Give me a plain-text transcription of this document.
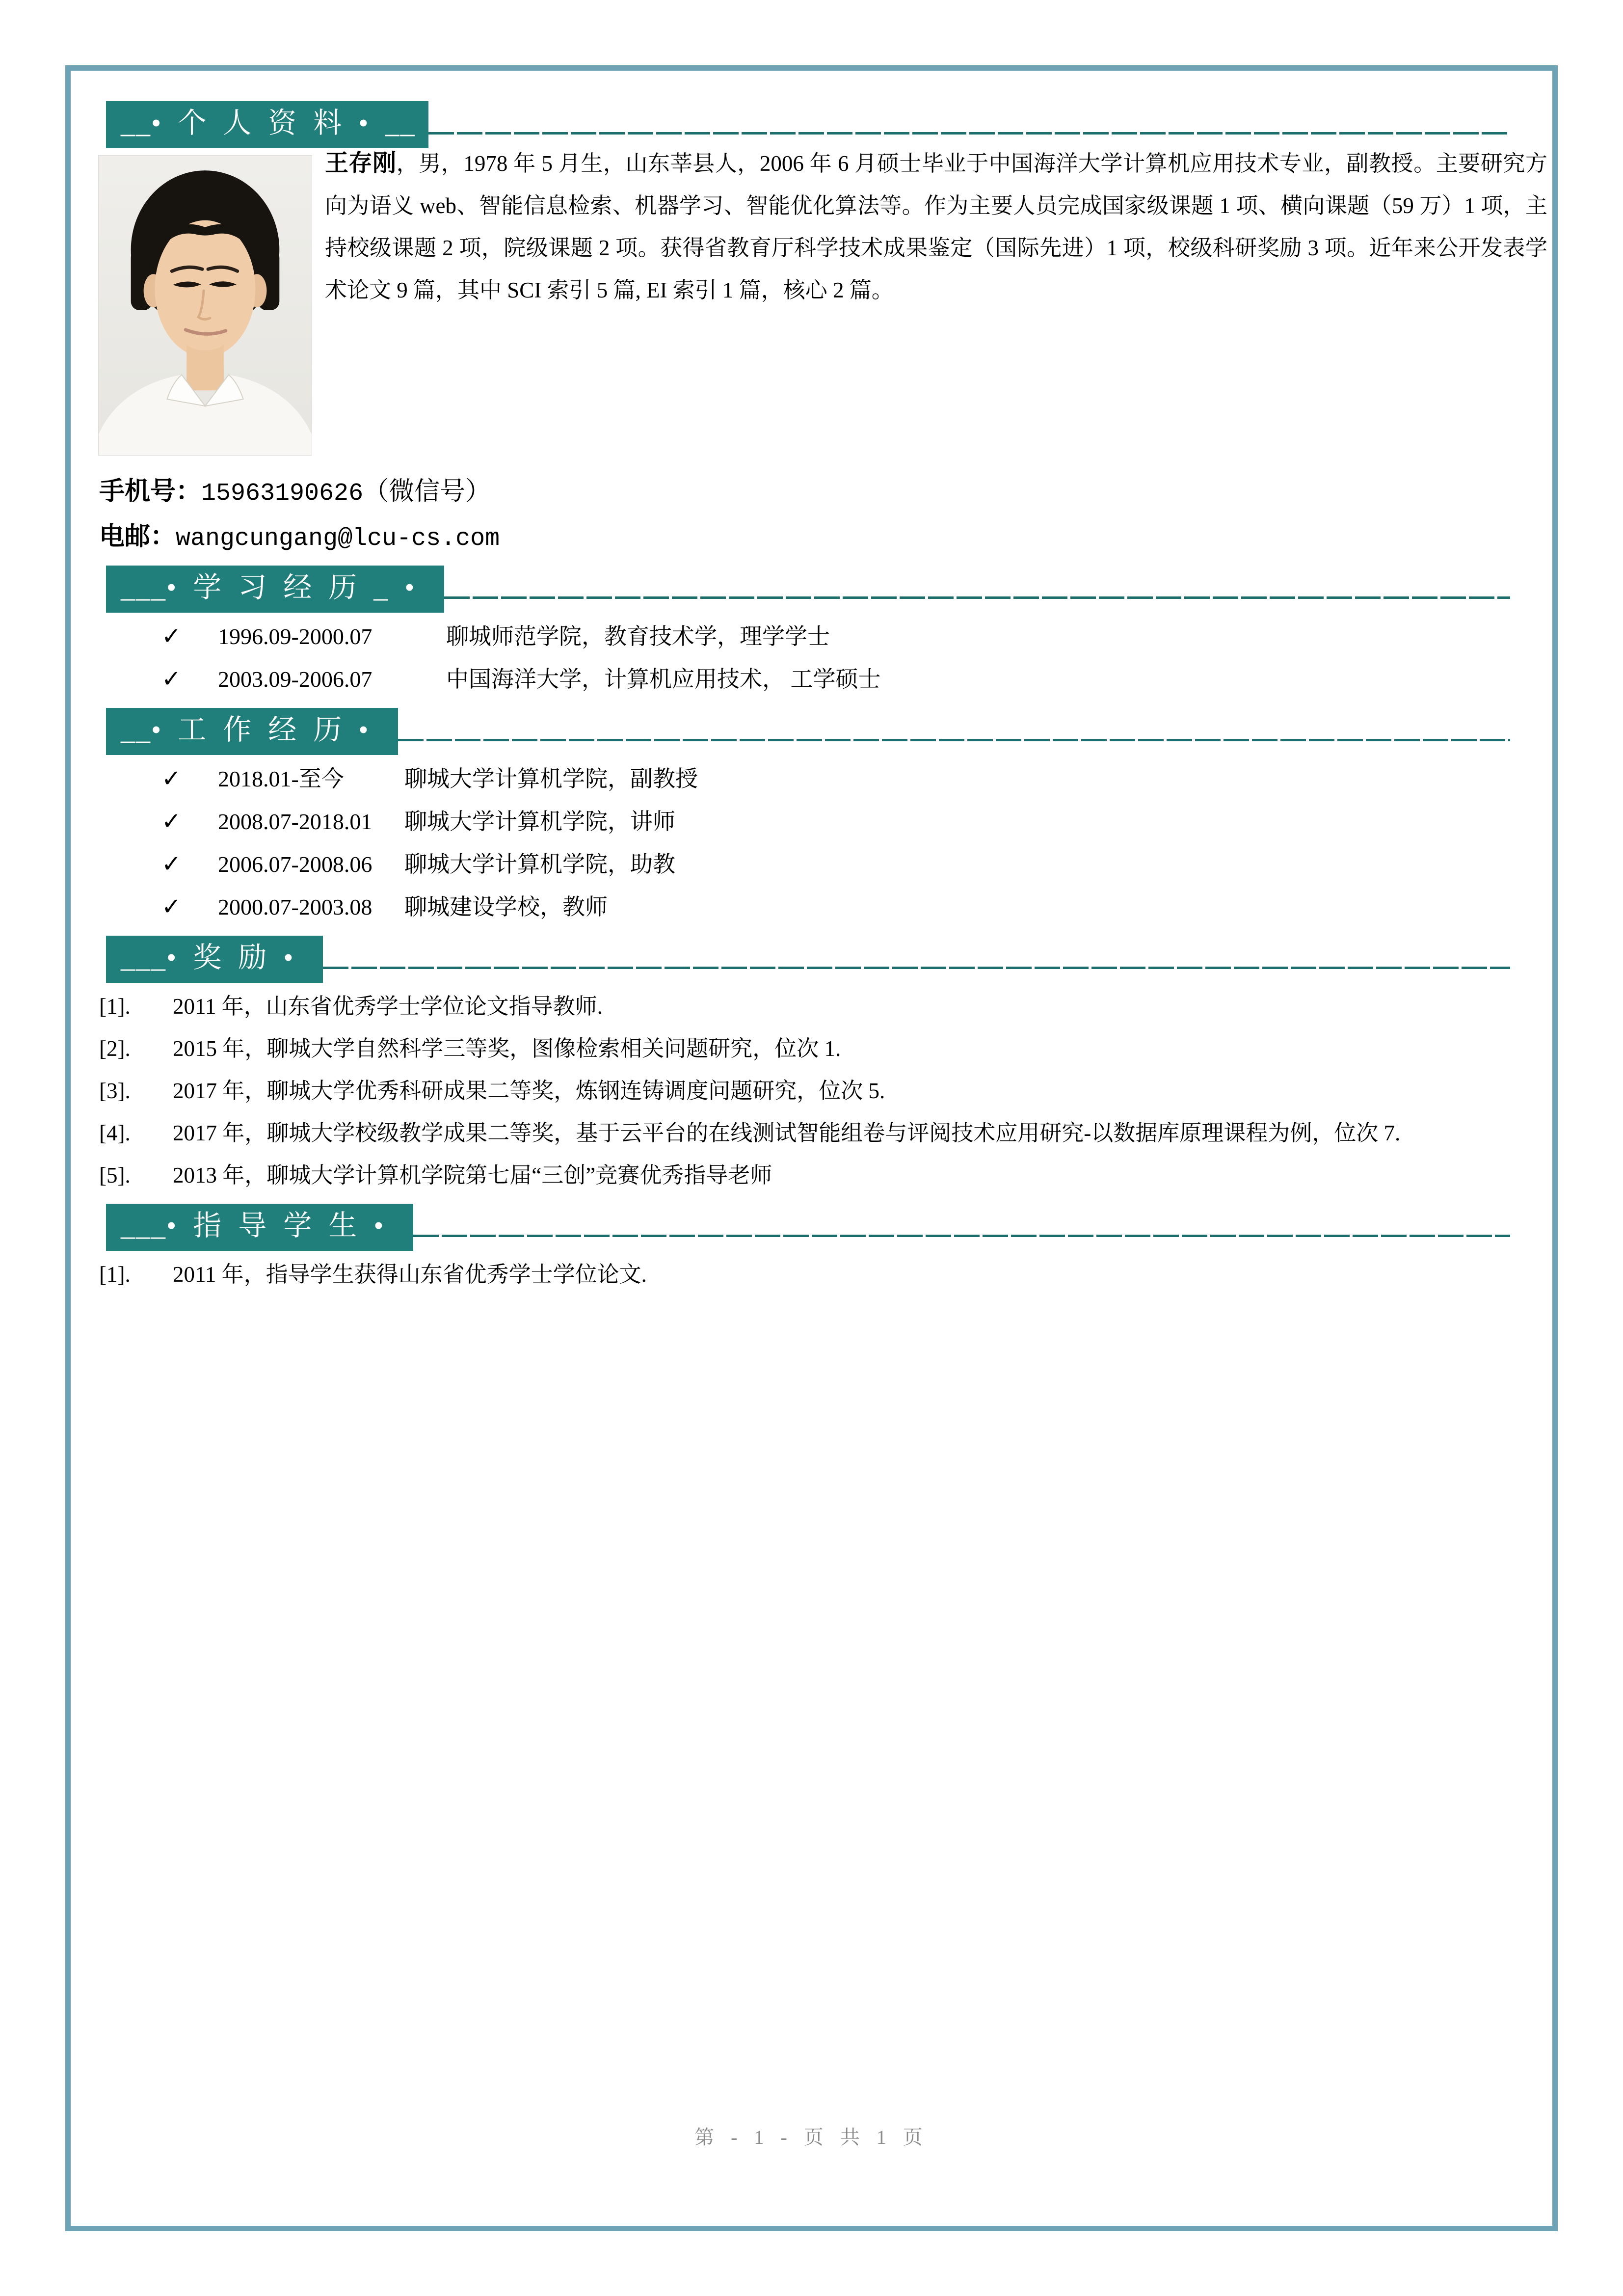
__•个人资料•__
王存刚，男，1978 年 5 月生，山东莘县人，2006 年 6 月硕士毕业于中国海洋大学计算机应用技术专业，副教授。主要研究方向为语义 web、智能信息检索、机器学习、智能优化算法等。作为主要人员完成国家级课题 1 项、横向课题（59 万）1 项，主持校级课题 2 项，院级课题 2 项。获得省教育厅科学技术成果鉴定（国际先进）1 项，校级科研奖励 3 项。近年来公开发表学术论文 9 篇，其中 SCI 索引 5 篇, EI 索引 1 篇，核心 2 篇。
手机号：15963190626（微信号）
电邮：wangcungang@lcu-cs.com
___•学习经历_•
✓	1996.09-2000.07	聊城师范学院，教育技术学，理学学士
✓	2003.09-2006.07	中国海洋大学，计算机应用技术， 工学硕士
__•工作经历•
✓	2018.01-至今	聊城大学计算机学院，副教授
✓	2008.07-2018.01	聊城大学计算机学院，讲师
✓	2006.07-2008.06	聊城大学计算机学院，助教
✓	2000.07-2003.08	聊城建设学校，教师
___•奖励•
[1].	2011 年，山东省优秀学士学位论文指导教师.
[2].	2015 年，聊城大学自然科学三等奖，图像检索相关问题研究，位次 1.
[3].	2017 年，聊城大学优秀科研成果二等奖，炼钢连铸调度问题研究，位次 5.
[4].	2017 年，聊城大学校级教学成果二等奖，基于云平台的在线测试智能组卷与评阅技术应用研究-以数据库原理课程为例，位次 7.
[5].	2013 年，聊城大学计算机学院第七届“三创”竞赛优秀指导老师
___•指导学生•
[1].	2011 年，指导学生获得山东省优秀学士学位论文.
第 - 1 - 页 共 1 页
